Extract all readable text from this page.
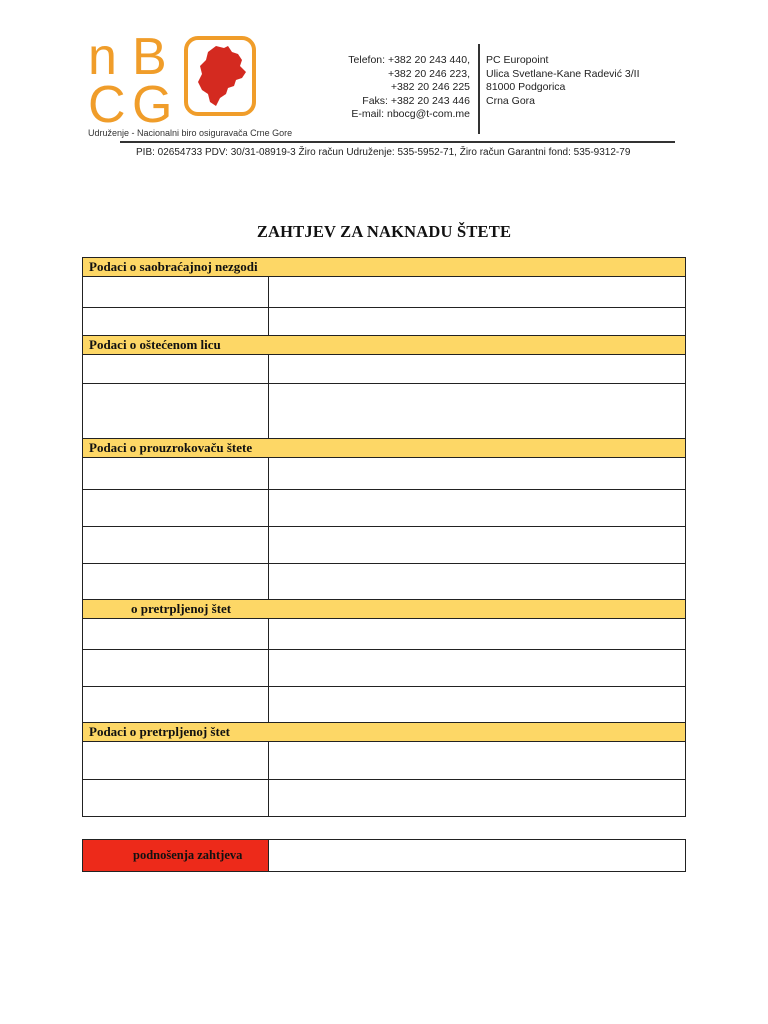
n B
C G
Udruženje - Nacionalni biro osiguravača Crne Gore
Telefon: +382 20 243 440,
+382 20 246 223,
+382 20 246 225
Faks: +382 20 243 446
E-mail: nbocg@t-com.me
PC Europoint
Ulica Svetlane-Kane Radević 3/II
81000 Podgorica
Crna Gora
PIB: 02654733 PDV: 30/31-08919-3 Žiro račun Udruženje: 535-5952-71, Žiro račun Garantni fond: 535-9312-79
ZAHTJEV ZA NAKNADU ŠTETE
Podaci o saobraćajnoj nezgodi
Podaci o oštećenom licu
Podaci o prouzrokovaču štete
o pretrpljenoj štet
Podaci o pretrpljenoj štet
podnošenja zahtjeva
